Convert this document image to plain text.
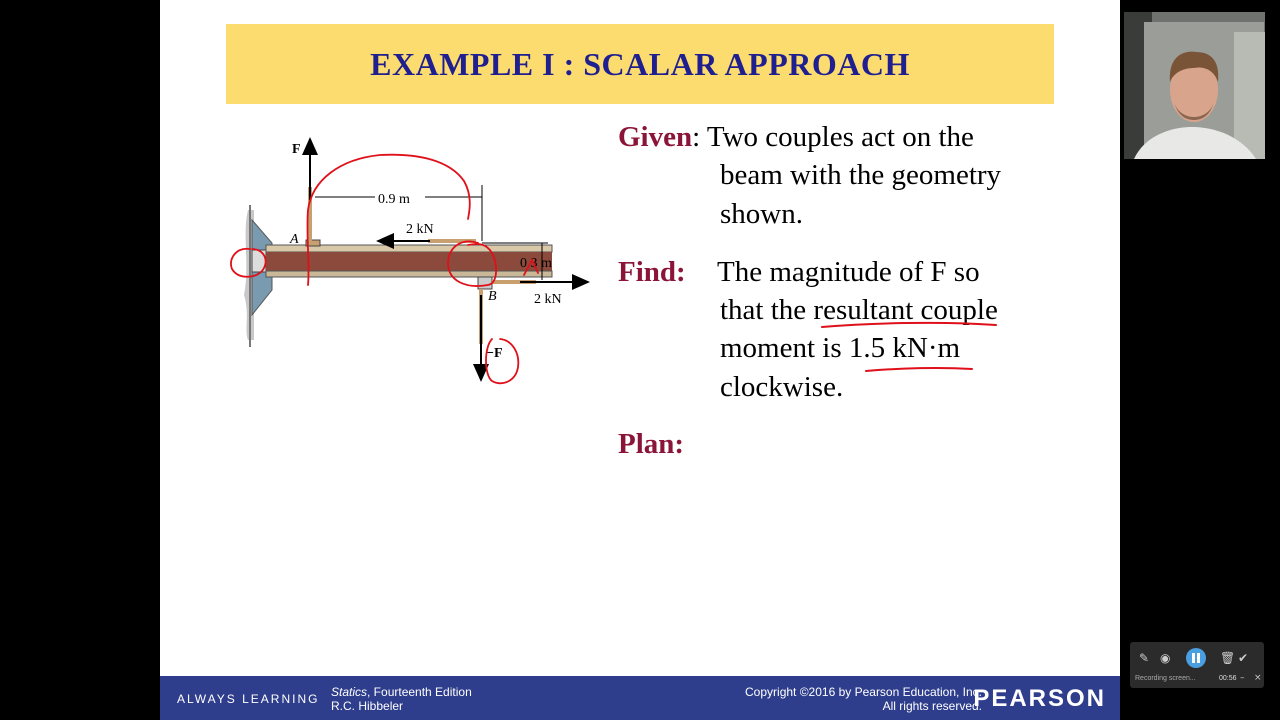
EXAMPLE I : SCALAR APPROACH
F
2 kN
0.9 m
0.3 m
A
B	2 kN
−F
Given: Two couples act on the
beam with the geometry
shown.
Find: The magnitude of F so
that the resultant couple
moment is 1.5 kN·m
clockwise.
Plan:
ALWAYS LEARNING Statics, Fourteenth Edition
R.C. Hibbeler
Copyright ©2016 by Pearson Education, Inc.
All rights reserved.
PEARSON
✎ ◉	🗑 ✔
Recording screen...	00:56 – ×
